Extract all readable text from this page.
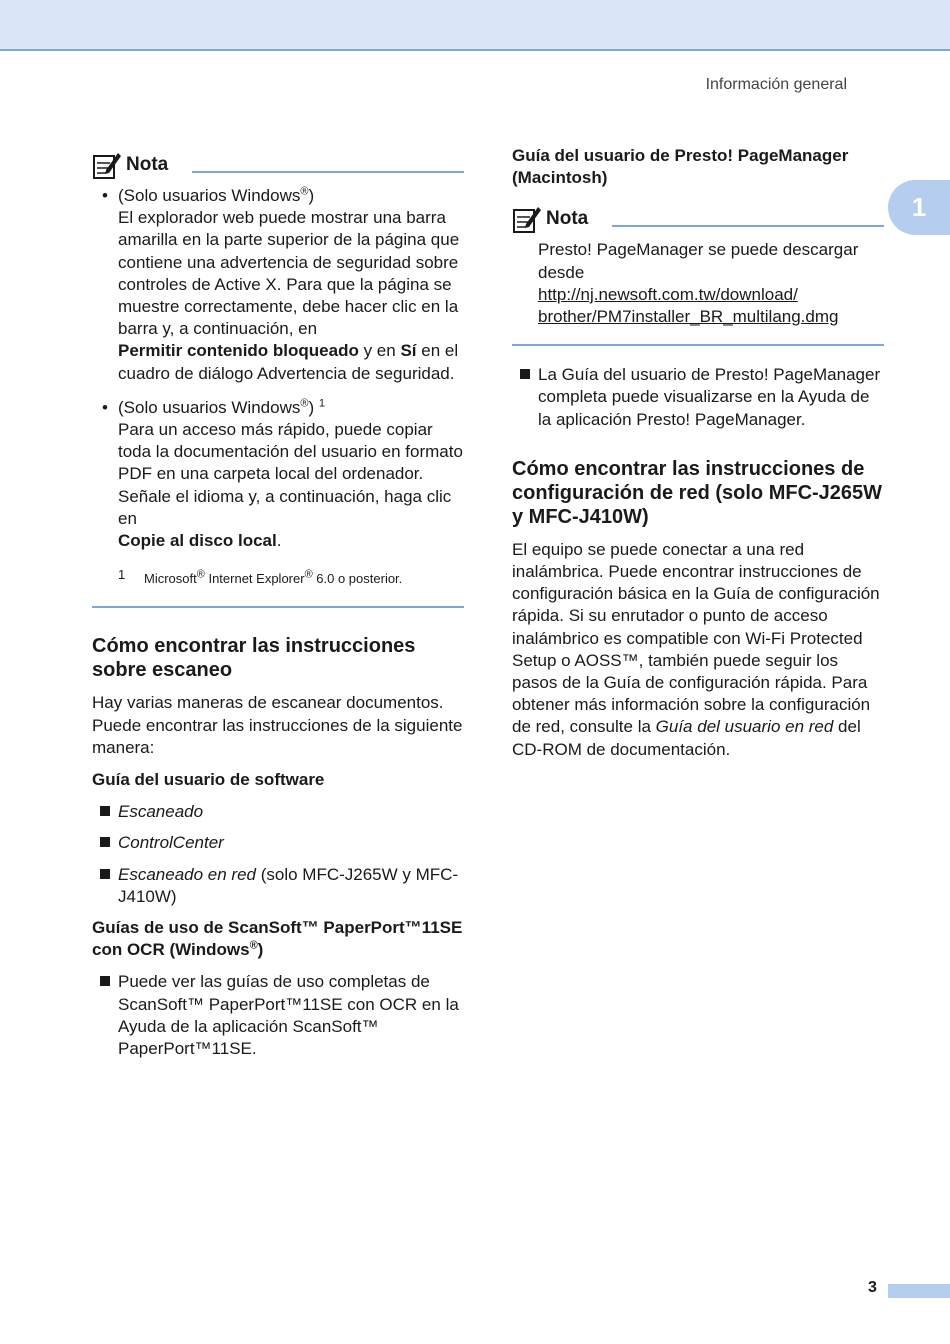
Información general
1
Nota
• (Solo usuarios Windows®)
El explorador web puede mostrar una barra amarilla en la parte superior de la página que contiene una advertencia de seguridad sobre controles de Active X. Para que la página se muestre correctamente, debe hacer clic en la barra y, a continuación, en
Permitir contenido bloqueado y en Sí en el cuadro de diálogo Advertencia de seguridad.
• (Solo usuarios Windows®) $^1$
Para un acceso más rápido, puede copiar toda la documentación del usuario en formato PDF en una carpeta local del ordenador. Señale el idioma y, a continuación, haga clic en
Copie al disco local.
1 Microsoft® Internet Explorer® 6.0 o posterior.
Cómo encontrar las instrucciones sobre escaneo

Hay varias maneras de escanear documentos. Puede encontrar las instrucciones de la siguiente manera:

Guía del usuario de software
Escaneado
ControlCenter
Escaneado en red (solo MFC-J265W y MFC-J410W)
Guías de uso de ScanSoft™ PaperPort™11SE con OCR (Windows®)
Puede ver las guías de uso completas de ScanSoft™ PaperPort™11SE con OCR en la Ayuda de la aplicación ScanSoft™ PaperPort™11SE.
Guía del usuario de Presto! PageManager (Macintosh)
Nota
Presto! PageManager se puede descargar desde
http://nj.newsoft.com.tw/download/
brother/PM7installer_BR_multilang.dmg
La Guía del usuario de Presto! PageManager completa puede visualizarse en la Ayuda de la aplicación Presto! PageManager.
Cómo encontrar las instrucciones de configuración de red (solo MFC-J265W y MFC-J410W)

El equipo se puede conectar a una red inalámbrica. Puede encontrar instrucciones de configuración básica en la Guía de configuración rápida. Si su enrutador o punto de acceso inalámbrico es compatible con Wi-Fi Protected Setup o AOSS™, también puede seguir los pasos de la Guía de configuración rápida. Para obtener más información sobre la configuración de red, consulte la Guía del usuario en red del CD-ROM de documentación.

3
